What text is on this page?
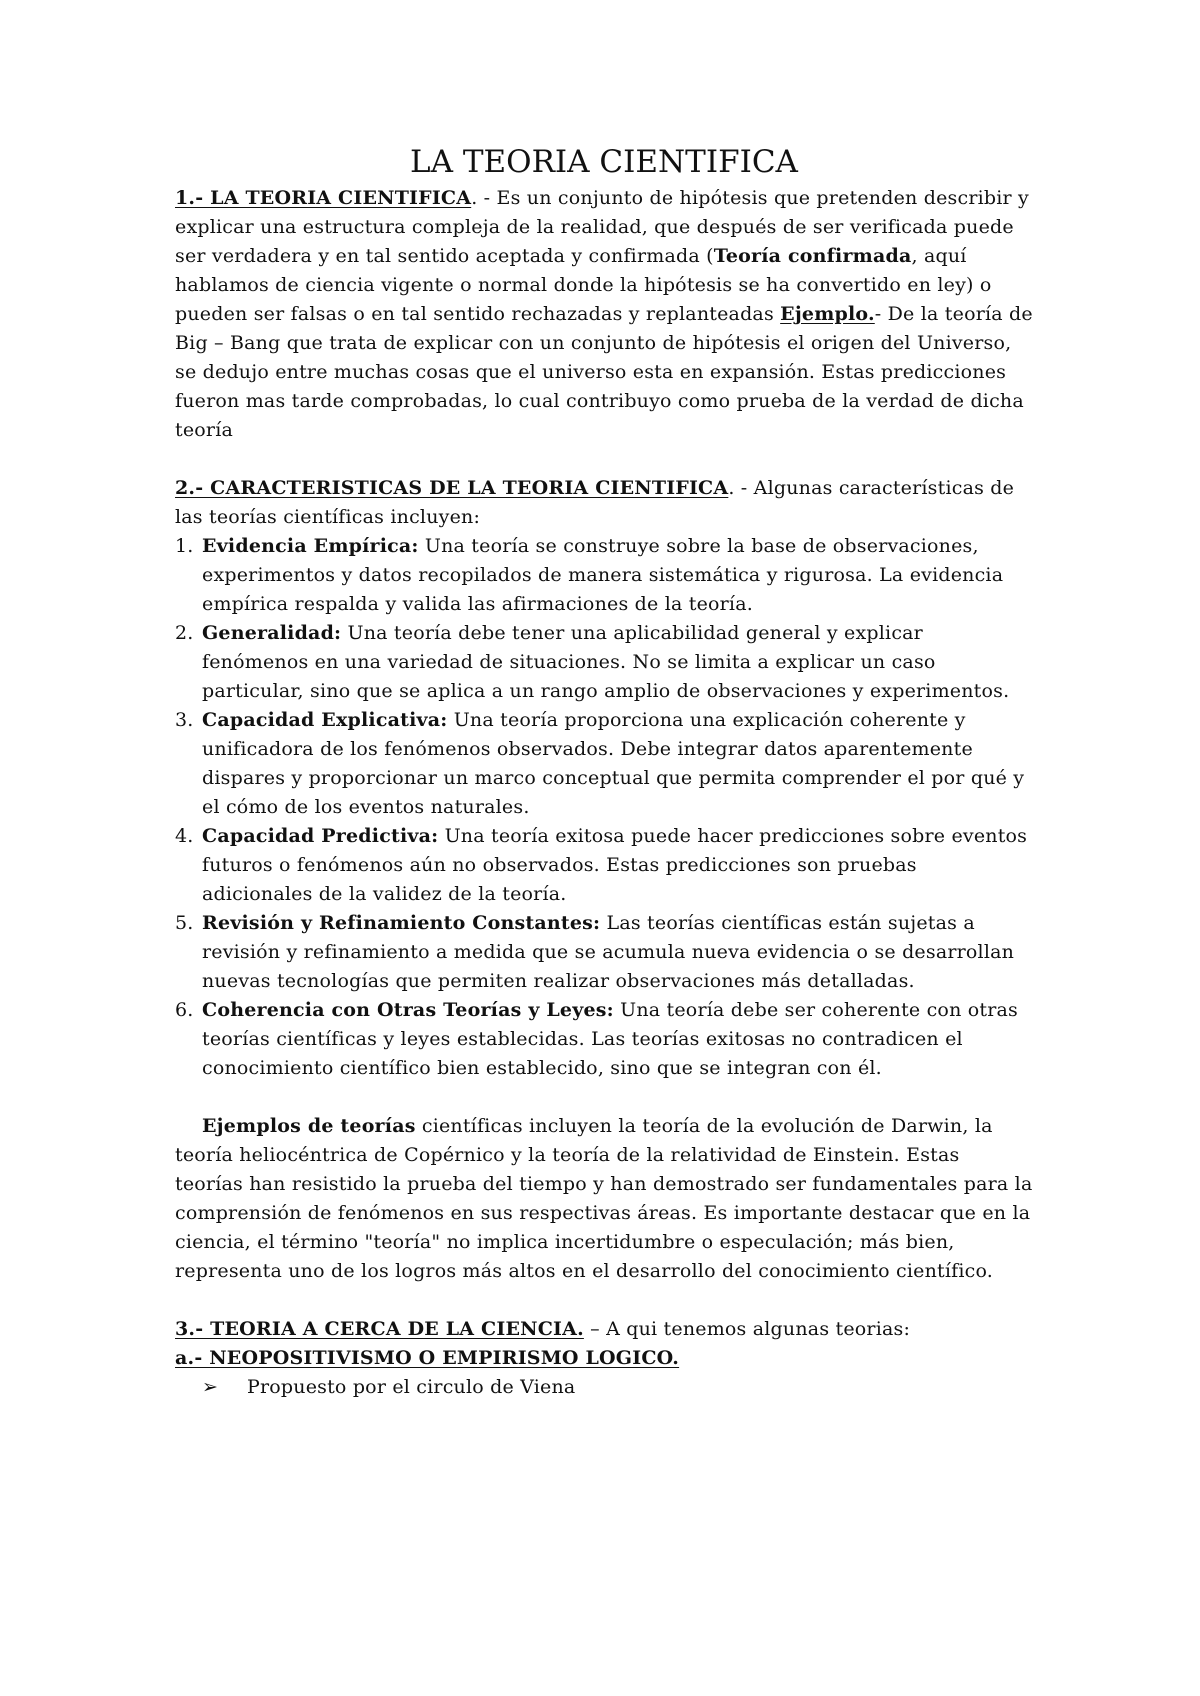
LA TEORIA CIENTIFICA

1.- LA TEORIA CIENTIFICA. - Es un conjunto de hipótesis que pretenden describir y explicar una estructura compleja de la realidad, que después de ser verificada puede ser verdadera y en tal sentido aceptada y confirmada (Teoría confirmada, aquí hablamos de ciencia vigente o normal donde la hipótesis se ha convertido en ley) o pueden ser falsas o en tal sentido rechazadas y replanteadas Ejemplo.- De la teoría de Big – Bang que trata de explicar con un conjunto de hipótesis el origen del Universo, se dedujo entre muchas cosas que el universo esta en expansión. Estas predicciones fueron mas tarde comprobadas, lo cual contribuyo como prueba de la verdad de dicha teoría

2.- CARACTERISTICAS DE LA TEORIA CIENTIFICA. - Algunas características de las teorías científicas incluyen:

1. Evidencia Empírica: Una teoría se construye sobre la base de observaciones, experimentos y datos recopilados de manera sistemática y rigurosa. La evidencia empírica respalda y valida las afirmaciones de la teoría.
2. Generalidad: Una teoría debe tener una aplicabilidad general y explicar fenómenos en una variedad de situaciones. No se limita a explicar un caso particular, sino que se aplica a un rango amplio de observaciones y experimentos.
3. Capacidad Explicativa: Una teoría proporciona una explicación coherente y unificadora de los fenómenos observados. Debe integrar datos aparentemente dispares y proporcionar un marco conceptual que permita comprender el por qué y el cómo de los eventos naturales.
4. Capacidad Predictiva: Una teoría exitosa puede hacer predicciones sobre eventos futuros o fenómenos aún no observados. Estas predicciones son pruebas adicionales de la validez de la teoría.
5. Revisión y Refinamiento Constantes: Las teorías científicas están sujetas a revisión y refinamiento a medida que se acumula nueva evidencia o se desarrollan nuevas tecnologías que permiten realizar observaciones más detalladas.
6. Coherencia con Otras Teorías y Leyes: Una teoría debe ser coherente con otras teorías científicas y leyes establecidas. Las teorías exitosas no contradicen el conocimiento científico bien establecido, sino que se integran con él.

Ejemplos de teorías científicas incluyen la teoría de la evolución de Darwin, la teoría heliocéntrica de Copérnico y la teoría de la relatividad de Einstein. Estas teorías han resistido la prueba del tiempo y han demostrado ser fundamentales para la comprensión de fenómenos en sus respectivas áreas. Es importante destacar que en la ciencia, el término "teoría" no implica incertidumbre o especulación; más bien, representa uno de los logros más altos en el desarrollo del conocimiento científico.

3.- TEORIA A CERCA DE LA CIENCIA. – A qui tenemos algunas teorias:

a.- NEOPOSITIVISMO O EMPIRISMO LOGICO.

➢ Propuesto por el circulo de Viena
